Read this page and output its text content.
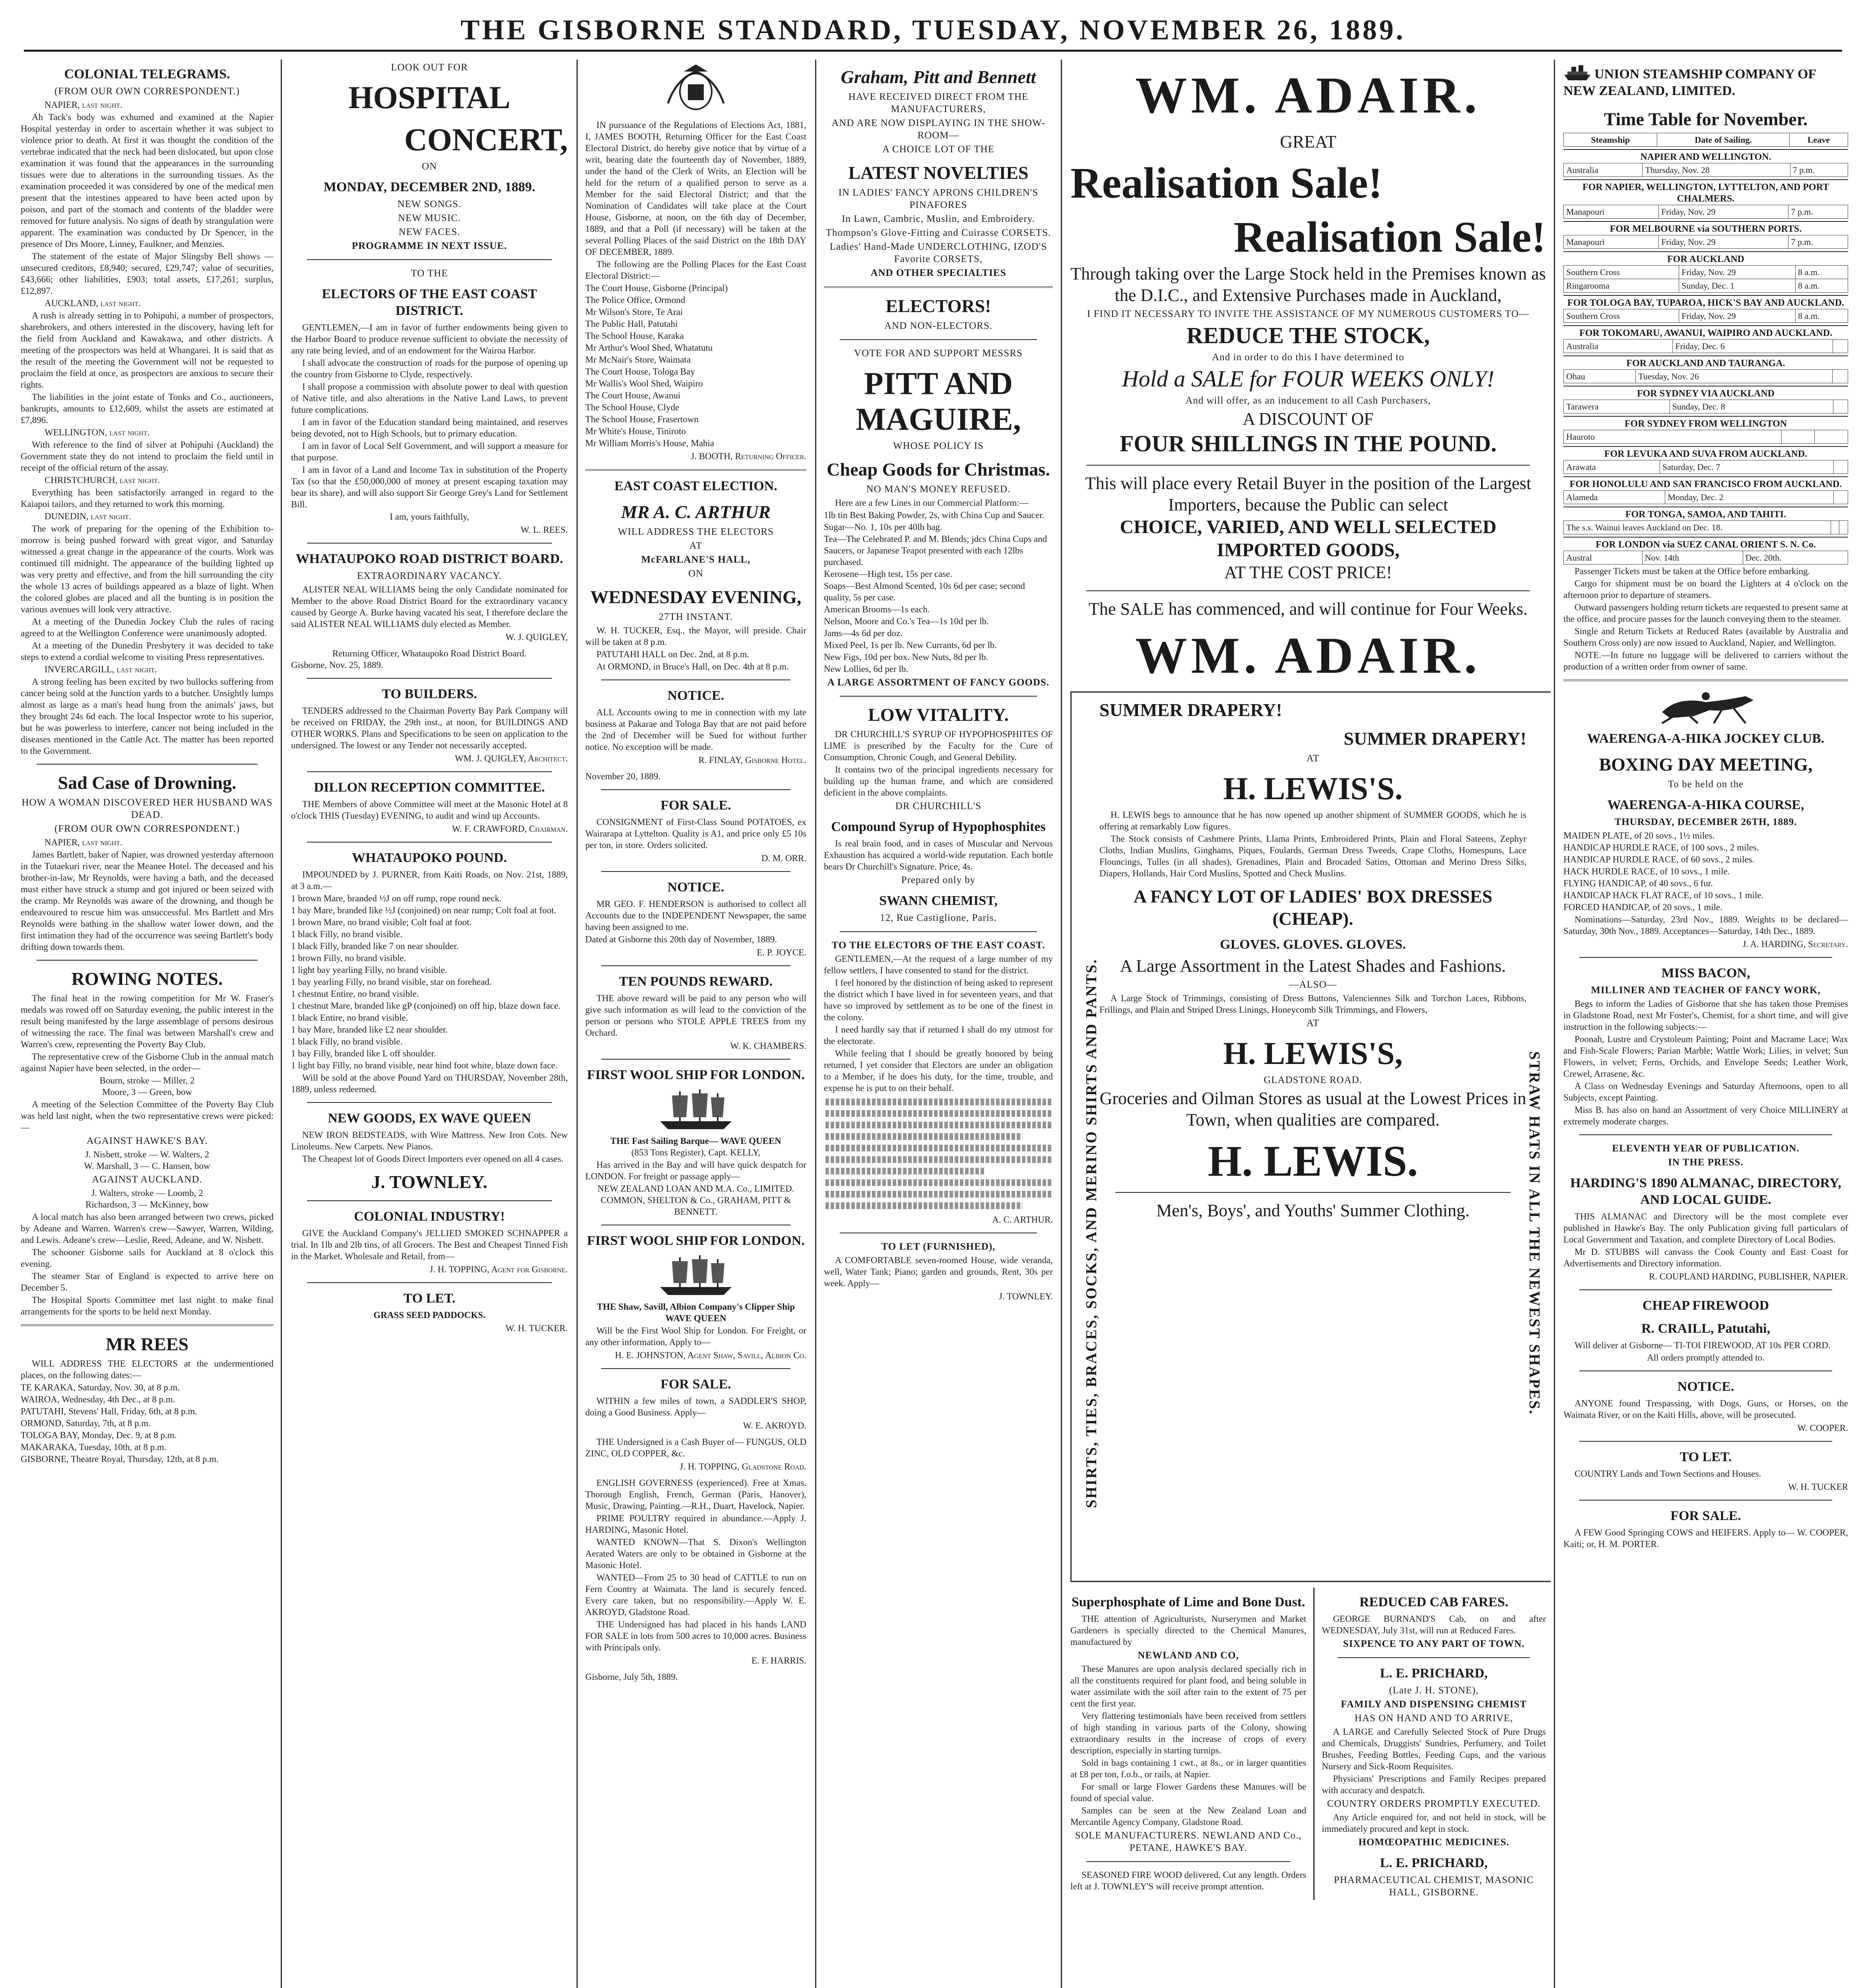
THE GISBORNE STANDARD, TUESDAY, NOVEMBER 26, 1889.
COLONIAL TELEGRAMS.
(FROM OUR OWN CORRESPONDENT.)
NAPIER, last night.

Ah Tack's body was exhumed and examined at the Napier Hospital yesterday in order to ascertain whether it was subject to violence prior to death. At first it was thought the condition of the vertebrae indicated that the neck had been dislocated, but upon close examination it was found that the appearances in the surrounding tissues were due to alterations in the surrounding tissues. As the examination proceeded it was considered by one of the medical men present that the intestines appeared to have been acted upon by poison, and part of the stomach and contents of the bladder were removed for future analysis. No signs of death by strangulation were apparent. The examination was conducted by Dr Spencer, in the presence of Drs Moore, Linney, Faulkner, and Menzies.

The statement of the estate of Major Slingsby Bell shows — unsecured creditors, £8,940; secured, £29,747; value of securities, £43,666; other liabilities, £903; total assets, £17,261; surplus, £12,897.

AUCKLAND, last night.

A rush is already setting in to Pohipuhi, a number of prospectors, sharebrokers, and others interested in the discovery, having left for the field from Auckland and Kawakawa, and other districts. A meeting of the prospectors was held at Whangarei. It is said that as the result of the meeting the Government will not be requested to proclaim the field at once, as prospectors are anxious to secure their rights.

The liabilities in the joint estate of Tonks and Co., auctioneers, bankrupts, amounts to £12,609, whilst the assets are estimated at £7,896.

WELLINGTON, last night.

With reference to the find of silver at Pohipuhi (Auckland) the Government state they do not intend to proclaim the field until in receipt of the official return of the assay.

CHRISTCHURCH, last night.

Everything has been satisfactorily arranged in regard to the Kaiapoi tailors, and they returned to work this morning.

DUNEDIN, last night.

The work of preparing for the opening of the Exhibition to-morrow is being pushed forward with great vigor, and Saturday witnessed a great change in the appearance of the courts. Work was continued till midnight. The appearance of the building lighted up was very pretty and effective, and from the hill surrounding the city the whole 13 acres of buildings appeared as a blaze of light. When the colored globes are placed and all the bunting is in position the various avenues will look very attractive.

At a meeting of the Dunedin Jockey Club the rules of racing agreed to at the Wellington Conference were unanimously adopted.

At a meeting of the Dunedin Presbytery it was decided to take steps to extend a cordial welcome to visiting Press representatives.

INVERCARGILL, last night.

A strong feeling has been excited by two bullocks suffering from cancer being sold at the Junction yards to a butcher. Unsightly lumps almost as large as a man's head hung from the animals' jaws, but they brought 24s 6d each. The local Inspector wrote to his superior, but he was powerless to interfere, cancer not being included in the diseases mentioned in the Cattle Act. The matter has been reported to the Government.

Sad Case of Drowning.
HOW A WOMAN DISCOVERED HER HUSBAND WAS DEAD.
(FROM OUR OWN CORRESPONDENT.)
NAPIER, last night.

James Bartlett, baker of Napier, was drowned yesterday afternoon in the Tutaekuri river, near the Meanee Hotel. The deceased and his brother-in-law, Mr Reynolds, were having a bath, and the deceased must either have struck a stump and got injured or been seized with the cramp. Mr Reynolds was aware of the drowning, and though he endeavoured to rescue him was unsuccessful. Mrs Bartlett and Mrs Reynolds were bathing in the shallow water lower down, and the first intimation they had of the occurrence was seeing Bartlett's body drifting down towards them.

ROWING NOTES.

The final heat in the rowing competition for Mr W. Fraser's medals was rowed off on Saturday evening, the public interest in the result being manifested by the large assemblage of persons desirous of witnessing the race. The final was between Marshall's crew and Warren's crew, representing the Poverty Bay Club.

The representative crew of the Gisborne Club in the annual match against Napier have been selected, in the order—

Bourn, stroke — Miller, 2
Moore, 3 — Green, bow

A meeting of the Selection Committee of the Poverty Bay Club was held last night, when the two representative crews were picked:—

AGAINST HAWKE'S BAY.
J. Nisbett, stroke — W. Walters, 2
W. Marshall, 3 — C. Hansen, bow
AGAINST AUCKLAND.
J. Walters, stroke — Loomb, 2
Richardson, 3 — McKinney, bow

A local match has also been arranged between two crews, picked by Adeane and Warren. Warren's crew—Sawyer, Warren, Wilding, and Lewis. Adeane's crew—Leslie, Reed, Adeane, and W. Nisbett.

The schooner Gisborne sails for Auckland at 8 o'clock this evening.

The steamer Star of England is expected to arrive here on December 5.

The Hospital Sports Committee met last night to make final arrangements for the sports to be held next Monday.

MR REES

WILL ADDRESS THE ELECTORS at the undermentioned places, on the following dates:—

TE KARAKA, Saturday, Nov. 30, at 8 p.m.
WAIROA, Wednesday, 4th Dec., at 8 p.m.
PATUTAHI, Stevens' Hall, Friday, 6th, at 8 p.m.
ORMOND, Saturday, 7th, at 8 p.m.
TOLOGA BAY, Monday, Dec. 9, at 8 p.m.
MAKARAKA, Tuesday, 10th, at 8 p.m.
GISBORNE, Theatre Royal, Thursday, 12th, at 8 p.m.
LOOK OUT FOR
HOSPITAL
CONCERT,
ON
MONDAY, DECEMBER 2ND, 1889.
NEW SONGS.
NEW MUSIC.
NEW FACES.
PROGRAMME IN NEXT ISSUE.
TO THE
ELECTORS OF THE EAST COAST DISTRICT.

GENTLEMEN,—I am in favor of further endowments being given to the Harbor Board to produce revenue sufficient to obviate the necessity of any rate being levied, and of an endowment for the Wairoa Harbor.

I shall advocate the construction of roads for the purpose of opening up the country from Gisborne to Clyde, respectively.

I shall propose a commission with absolute power to deal with question of Native title, and also alterations in the Native Land Laws, to prevent future complications.

I am in favor of the Education standard being maintained, and reserves being devoted, not to High Schools, but to primary education.

I am in favor of Local Self Government, and will support a measure for that purpose.

I am in favor of a Land and Income Tax in substitution of the Property Tax (so that the £50,000,000 of money at present escaping taxation may bear its share), and will also support Sir George Grey's Land for Settlement Bill.

I am, yours faithfully,
W. L. REES.
WHATAUPOKO ROAD DISTRICT BOARD.
EXTRAORDINARY VACANCY.

ALISTER NEAL WILLIAMS being the only Candidate nominated for Member to the above Road District Board for the extraordinary vacancy caused by George A. Burke having vacated his seat, I therefore declare the said ALISTER NEAL WILLIAMS duly elected as Member.

W. J. QUIGLEY,
Returning Officer, Whataupoko Road District Board.
Gisborne, Nov. 25, 1889.
TO BUILDERS.

TENDERS addressed to the Chairman Poverty Bay Park Company will be received on FRIDAY, the 29th inst., at noon, for BUILDINGS AND OTHER WORKS. Plans and Specifications to be seen on application to the undersigned. The lowest or any Tender not necessarily accepted.

WM. J. QUIGLEY, Architect.
DILLON RECEPTION COMMITTEE.

THE Members of above Committee will meet at the Masonic Hotel at 8 o'clock THIS (Tuesday) EVENING, to audit and wind up Accounts.

W. F. CRAWFORD, Chairman.
WHATAUPOKO POUND.

IMPOUNDED by J. PURNER, from Kaiti Roads, on Nov. 21st, 1889, at 3 a.m.—

1 brown Mare, branded ½J on off rump, rope round neck.
1 bay Mare, branded like ½J (conjoined) on near rump; Colt foal at foot.
1 brown Mare, no brand visible; Colt foal at foot.
1 black Filly, no brand visible.
1 black Filly, branded like 7 on near shoulder.
1 brown Filly, no brand visible.
1 light bay yearling Filly, no brand visible.
1 bay yearling Filly, no brand visible, star on forehead.
1 chestnut Entire, no brand visible.
1 chestnut Mare, branded like gP (conjoined) on off hip, blaze down face.
1 black Entire, no brand visible.
1 bay Mare, branded like £2 near shoulder.
1 black Filly, no brand visible.
1 bay Filly, branded like L off shoulder.
1 light bay Filly, no brand visible, near hind foot white, blaze down face.

Will be sold at the above Pound Yard on THURSDAY, November 28th, 1889, unless redeemed.

NEW GOODS, EX WAVE QUEEN

NEW IRON BEDSTEADS, with Wire Mattress. New Iron Cots. New Linoleums. New Carpets. New Pianos.

The Cheapest lot of Goods Direct Importers ever opened on all 4 cases.

J. TOWNLEY.
COLONIAL INDUSTRY!

GIVE the Auckland Company's JELLIED SMOKED SCHNAPPER a trial. In 1lb and 2lb tins, of all Grocers. The Best and Cheapest Tinned Fish in the Market. Wholesale and Retail, from—

J. H. TOPPING, Agent for Gisborne.
TO LET.
GRASS SEED PADDOCKS.
W. H. TUCKER.

IN pursuance of the Regulations of Elections Act, 1881, I, JAMES BOOTH, Returning Officer for the East Coast Electoral District, do hereby give notice that by virtue of a writ, bearing date the fourteenth day of November, 1889, under the hand of the Clerk of Writs, an Election will be held for the return of a qualified person to serve as a Member for the said Electoral District; and that the Nomination of Candidates will take place at the Court House, Gisborne, at noon, on the 6th day of December, 1889, and that a Poll (if necessary) will be taken at the several Polling Places of the said District on the 18th DAY OF DECEMBER, 1889.

The following are the Polling Places for the East Coast Electoral District:—

The Court House, Gisborne (Principal)
The Police Office, Ormond
Mr Wilson's Store, Te Arai
The Public Hall, Patutahi
The School House, Karaka
Mr Arthur's Wool Shed, Whatatutu
Mr McNair's Store, Waimata
The Court House, Tologa Bay
Mr Wallis's Wool Shed, Waipiro
The Court House, Awanui
The School House, Clyde
The School House, Frasertown
Mr White's House, Tiniroto
Mr William Morris's House, Mahia
J. BOOTH, Returning Officer.
EAST COAST ELECTION.
MR A. C. ARTHUR
WILL ADDRESS THE ELECTORS
AT
McFARLANE'S HALL,
ON
WEDNESDAY EVENING,
27TH INSTANT.

W. H. TUCKER, Esq., the Mayor, will preside. Chair will be taken at 8 p.m.

PATUTAHI HALL on Dec. 2nd, at 8 p.m.

At ORMOND, in Bruce's Hall, on Dec. 4th at 8 p.m.

NOTICE.

ALL Accounts owing to me in connection with my late business at Pakarae and Tologa Bay that are not paid before the 2nd of December will be Sued for without further notice. No exception will be made.

R. FINLAY, Gisborne Hotel.
November 20, 1889.
FOR SALE.

CONSIGNMENT of First-Class Sound POTATOES, ex Wairarapa at Lyttelton. Quality is A1, and price only £5 10s per ton, in store. Orders solicited.

D. M. ORR.
NOTICE.

MR GEO. F. HENDERSON is authorised to collect all Accounts due to the INDEPENDENT Newspaper, the same having been assigned to me.

Dated at Gisborne this 20th day of November, 1889.
E. P. JOYCE.
TEN POUNDS REWARD.

THE above reward will be paid to any person who will give such information as will lead to the conviction of the person or persons who STOLE APPLE TREES from my Orchard.

W. K. CHAMBERS.
FIRST WOOL SHIP FOR LONDON.
THE Fast Sailing Barque— WAVE QUEEN
(853 Tons Register), Capt. KELLY,

Has arrived in the Bay and will have quick despatch for LONDON. For freight or passage apply—

NEW ZEALAND LOAN AND M.A. Co., LIMITED. COMMON, SHELTON & Co., GRAHAM, PITT & BENNETT.
FIRST WOOL SHIP FOR LONDON.
THE Shaw, Savill, Albion Company's Clipper Ship WAVE QUEEN

Will be the First Wool Ship for London. For Freight, or any other information, Apply to—

H. E. JOHNSTON, Agent Shaw, Savill, Albion Co.
FOR SALE.

WITHIN a few miles of town, a SADDLER'S SHOP, doing a Good Business. Apply—

W. E. AKROYD.

THE Undersigned is a Cash Buyer of— FUNGUS, OLD ZINC, OLD COPPER, &c.

J. H. TOPPING, Gladstone Road.

ENGLISH GOVERNESS (experienced). Free at Xmas. Thorough English, French, German (Paris, Hanover), Music, Drawing, Painting.—R.H., Duart, Havelock, Napier.

PRIME POULTRY required in abundance.—Apply J. HARDING, Masonic Hotel.

WANTED KNOWN—That S. Dixon's Wellington Aerated Waters are only to be obtained in Gisborne at the Masonic Hotel.

WANTED—From 25 to 30 head of CATTLE to run on Fern Country at Waimata. The land is securely fenced. Every care taken, but no responsibility.—Apply W. E. AKROYD, Gladstone Road.

THE Undersigned has had placed in his hands LAND FOR SALE in lots from 500 acres to 10,000 acres. Business with Principals only.

E. F. HARRIS.
Gisborne, July 5th, 1889.
Graham, Pitt and Bennett
HAVE RECEIVED DIRECT FROM THE MANUFACTURERS,
AND ARE NOW DISPLAYING IN THE SHOW-ROOM—
A CHOICE LOT OF THE
LATEST NOVELTIES
IN LADIES' FANCY APRONS CHILDREN'S PINAFORES
In Lawn, Cambric, Muslin, and Embroidery.
Thompson's Glove-Fitting and Cuirasse CORSETS.
Ladies' Hand-Made UNDERCLOTHING, IZOD'S Favorite CORSETS,
AND OTHER SPECIALTIES
ELECTORS!
AND NON-ELECTORS.
VOTE FOR AND SUPPORT MESSRS
PITT AND MAGUIRE,
WHOSE POLICY IS
Cheap Goods for Christmas.
NO MAN'S MONEY REFUSED.

Here are a few Lines in our Commercial Platform:—

1lb tin Best Baking Powder, 2s, with China Cup and Saucer.
Sugar—No. 1, 10s per 40lb bag.
Tea—The Celebrated P. and M. Blends; jdcs China Cups and Saucers, or Japanese Teapot presented with each 12lbs purchased.
Kerosene—High test, 15s per case.
Soaps—Best Almond Scented, 10s 6d per case; second quality, 5s per case.
American Brooms—1s each.
Nelson, Moore and Co.'s Tea—1s 10d per lb.
Jams—4s 6d per doz.
Mixed Peel, 1s per lb. New Currants, 6d per lb.
New Figs, 10d per box. New Nuts, 8d per lb.
New Lollies, 6d per lb.
A LARGE ASSORTMENT OF FANCY GOODS.
LOW VITALITY.

DR CHURCHILL'S SYRUP OF HYPOPHOSPHITES OF LIME is prescribed by the Faculty for the Cure of Consumption, Chronic Cough, and General Debility.

It contains two of the principal ingredients necessary for building up the human frame, and which are considered deficient in the above complaints.

DR CHURCHILL'S
Compound Syrup of Hypophosphites

Is real brain food, and in cases of Muscular and Nervous Exhaustion has acquired a world-wide reputation. Each bottle bears Dr Churchill's Signature. Price, 4s.

Prepared only by
SWANN CHEMIST,
12, Rue Castiglione, Paris.
TO THE ELECTORS OF THE EAST COAST.

GENTLEMEN,—At the request of a large number of my fellow settlers, I have consented to stand for the district.

I feel honored by the distinction of being asked to represent the district which I have lived in for seventeen years, and that have so improved by settlement as to be one of the finest in the colony.

I need hardly say that if returned I shall do my utmost for the electorate.

While feeling that I should be greatly honored by being returned, I yet consider that Electors are under an obligation to a Member, if he does his duty, for the time, trouble, and expense he is put to on their behalf.

A. C. ARTHUR.
TO LET (FURNISHED),

A COMFORTABLE seven-roomed House, wide veranda, well, Water Tank; Piano; garden and grounds, Rent, 30s per week. Apply—

J. TOWNLEY.
WM. ADAIR.
GREAT
Realisation Sale!
Realisation Sale!
Through taking over the Large Stock held in the Premises known as the D.I.C., and Extensive Purchases made in Auckland,
I FIND IT NECESSARY TO INVITE THE ASSISTANCE OF MY NUMEROUS CUSTOMERS TO—
REDUCE THE STOCK,
And in order to do this I have determined to
Hold a SALE for FOUR WEEKS ONLY!
And will offer, as an inducement to all Cash Purchasers,
A DISCOUNT OF
FOUR SHILLINGS IN THE POUND.
This will place every Retail Buyer in the position of the Largest Importers, because the Public can select
CHOICE, VARIED, AND WELL SELECTED IMPORTED GOODS,
AT THE COST PRICE!
The SALE has commenced, and will continue for Four Weeks.
WM. ADAIR.
SHIRTS, TIES, BRACES, SOCKS, AND MERINO SHIRTS AND PANTS.	STRAW HATS IN ALL THE NEWEST SHAPES.
SUMMER DRAPERY!
SUMMER DRAPERY!
AT
H. LEWIS'S.

H. LEWIS begs to announce that he has now opened up another shipment of SUMMER GOODS, which he is offering at remarkably Low figures.

The Stock consists of Cashmere Prints, Llama Prints, Embroidered Prints, Plain and Floral Sateens, Zephyr Cloths, Indian Muslins, Ginghams, Piques, Foulards, German Dress Tweeds, Crape Cloths, Homespuns, Lace Flouncings, Tulles (in all shades), Grenadines, Plain and Brocaded Satins, Ottoman and Merino Dress Silks, Diapers, Hollands, Hair Cord Muslins, Spotted and Check Muslins.

A FANCY LOT OF LADIES' BOX DRESSES (CHEAP).
GLOVES. GLOVES. GLOVES.
A Large Assortment in the Latest Shades and Fashions.
—ALSO—

A Large Stock of Trimmings, consisting of Dress Buttons, Valenciennes Silk and Torchon Laces, Ribbons, Frillings, and Plain and Striped Dress Linings, Honeycomb Silk Trimmings, and Flowers,

AT
H. LEWIS'S,
GLADSTONE ROAD.
Groceries and Oilman Stores as usual at the Lowest Prices in Town, when qualities are compared.
H. LEWIS.
Men's, Boys', and Youths' Summer Clothing.
Superphosphate of Lime and Bone Dust.

THE attention of Agriculturists, Nurserymen and Market Gardeners is specially directed to the Chemical Manures, manufactured by

NEWLAND AND CO,

These Manures are upon analysis declared specially rich in all the constituents required for plant food, and being soluble in water assimilate with the soil after rain to the extent of 75 per cent the first year.

Very flattering testimonials have been received from settlers of high standing in various parts of the Colony, showing extraordinary results in the increase of crops of every description, especially in starting turnips.

Sold in bags containing 1 cwt., at 8s., or in larger quantities at £8 per ton, f.o.b., or rails, at Napier.

For small or large Flower Gardens these Manures will be found of special value.

Samples can be seen at the New Zealand Loan and Mercantile Agency Company, Gladstone Road.

SOLE MANUFACTURERS. NEWLAND AND Co., PETANE, HAWKE'S BAY.

SEASONED FIRE WOOD delivered. Cut any length. Orders left at J. TOWNLEY'S will receive prompt attention.

REDUCED CAB FARES.

GEORGE BURNAND'S Cab, on and after WEDNESDAY, July 31st, will run at Reduced Fares.

SIXPENCE TO ANY PART OF TOWN.
L. E. PRICHARD,
(Late J. H. STONE),
FAMILY AND DISPENSING CHEMIST
HAS ON HAND AND TO ARRIVE,

A LARGE and Carefully Selected Stock of Pure Drugs and Chemicals, Druggists' Sundries, Perfumery, and Toilet Brushes, Feeding Bottles, Feeding Cups, and the various Nursery and Sick-Room Requisites.

Physicians' Prescriptions and Family Recipes prepared with accuracy and despatch.

COUNTRY ORDERS PROMPTLY EXECUTED.

Any Article enquired for, and not held in stock, will be immediately procured and kept in stock.

HOMŒOPATHIC MEDICINES.
L. E. PRICHARD,
PHARMACEUTICAL CHEMIST, MASONIC HALL, GISBORNE.
UNION STEAMSHIP COMPANY OF NEW ZEALAND, LIMITED.
Time Table for November.
Steamship	Date of Sailing.	Leave
NAPIER AND WELLINGTON.
Australia	Thursday, Nov. 28	7 p.m.
FOR NAPIER, WELLINGTON, LYTTELTON, AND PORT CHALMERS.
Manapouri	Friday, Nov. 29	7 p.m.
FOR MELBOURNE via SOUTHERN PORTS.
Manapouri	Friday, Nov. 29	7 p.m.
FOR AUCKLAND
Southern Cross	Friday, Nov. 29	8 a.m.
Ringarooma	Sunday, Dec. 1	8 a.m.
FOR TOLOGA BAY, TUPAROA, HICK'S BAY AND AUCKLAND.
Southern Cross	Friday, Nov. 29	8 a.m.
FOR TOKOMARU, AWANUI, WAIPIRO AND AUCKLAND.
Australia	Friday, Dec. 6	
FOR AUCKLAND AND TAURANGA.
Ohau	Tuesday, Nov. 26	
FOR SYDNEY VIA AUCKLAND
Tarawera	Sunday, Dec. 8	
FOR SYDNEY FROM WELLINGTON
Hauroto		
FOR LEVUKA AND SUVA FROM AUCKLAND.
Arawata	Saturday, Dec. 7	
FOR HONOLULU AND SAN FRANCISCO FROM AUCKLAND.
Alameda	Monday, Dec. 2	
FOR TONGA, SAMOA, AND TAHITI.
The s.s. Wainui leaves Auckland on Dec. 18.		
FOR LONDON via SUEZ CANAL ORIENT S. N. Co.
Austral	Nov. 14th	Dec. 20th.

Passenger Tickets must be taken at the Office before embarking.

Cargo for shipment must be on board the Lighters at 4 o'clock on the afternoon prior to departure of steamers.

Outward passengers holding return tickets are requested to present same at the office, and procure passes for the launch conveying them to the steamer.

Single and Return Tickets at Reduced Rates (available by Australia and Southern Cross only) are now issued to Auckland, Napier, and Wellington.

NOTE.—In future no luggage will be delivered to carriers without the production of a written order from owner of same.

WAERENGA-A-HIKA JOCKEY CLUB.
BOXING DAY MEETING,
To be held on the
WAERENGA-A-HIKA COURSE,
THURSDAY, DECEMBER 26TH, 1889.
MAIDEN PLATE, of 20 sovs., 1½ miles.
HANDICAP HURDLE RACE, of 100 sovs., 2 miles.
HANDICAP HURDLE RACE, of 60 sovs., 2 miles.
HACK HURDLE RACE, of 10 sovs., 1 mile.
FLYING HANDICAP, of 40 sovs., 6 fur.
HANDICAP HACK FLAT RACE, of 10 sovs., 1 mile.
FORCED HANDICAP, of 20 sovs., 1 mile.

Nominations—Saturday, 23rd Nov., 1889. Weights to be declared—Saturday, 30th Nov., 1889. Acceptances—Saturday, 14th Dec., 1889.

J. A. HARDING, Secretary.
MISS BACON,
MILLINER AND TEACHER OF FANCY WORK,

Begs to inform the Ladies of Gisborne that she has taken those Premises in Gladstone Road, next Mr Foster's, Chemist, for a short time, and will give instruction in the following subjects:—

Poonah, Lustre and Crystoleum Painting; Point and Macrame Lace; Wax and Fish-Scale Flowers; Parian Marble; Wattle Work; Lilies, in velvet; Sun Flowers, in velvet; Ferns, Orchids, and Envelope Seeds; Leather Work, Crewel, Arrasene, &c.

A Class on Wednesday Evenings and Saturday Afternoons, open to all Subjects, except Painting.

Miss B. has also on hand an Assortment of very Choice MILLINERY at extremely moderate charges.

ELEVENTH YEAR OF PUBLICATION.
IN THE PRESS.
HARDING'S 1890 ALMANAC, DIRECTORY, AND LOCAL GUIDE.

THIS ALMANAC and Directory will be the most complete ever published in Hawke's Bay. The only Publication giving full particulars of Local Government and Taxation, and complete Directory of Local Bodies.

Mr D. STUBBS will canvass the Cook County and East Coast for Advertisements and Directory information.

R. COUPLAND HARDING, PUBLISHER, NAPIER.
CHEAP FIREWOOD
R. CRAILL, Patutahi,

Will deliver at Gisborne— TI-TOI FIREWOOD, AT 10s PER CORD.

All orders promptly attended to.
NOTICE.

ANYONE found Trespassing, with Dogs, Guns, or Horses, on the Waimata River, or on the Kaiti Hills, above, will be prosecuted.

W. COOPER.
TO LET.

COUNTRY Lands and Town Sections and Houses.

W. H. TUCKER
FOR SALE.

A FEW Good Springing COWS and HEIFERS. Apply to— W. COOPER, Kaiti; or, H. M. PORTER.
